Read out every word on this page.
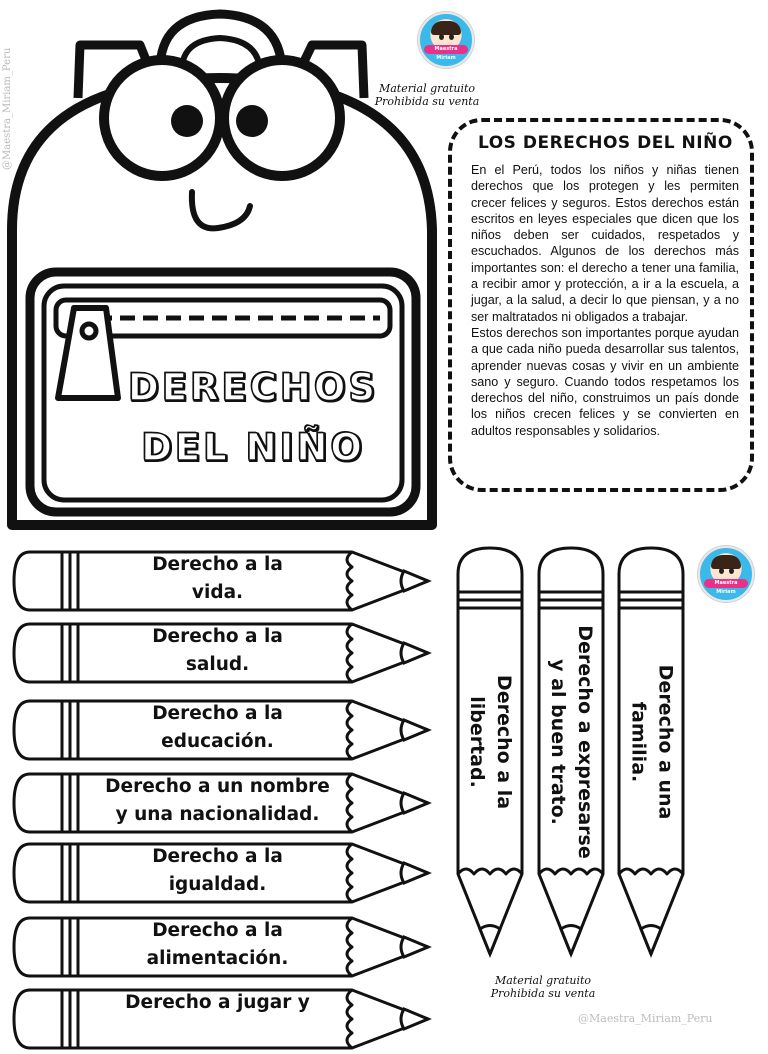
@Maestra_Miriam_Peru
DERECHOS
DEL NIÑO
Maestra Miriam
Material gratuito
Prohibida su venta
LOS DERECHOS DEL NIÑO

En el Perú, todos los niños y niñas tienen derechos que los protegen y les permiten crecer felices y seguros. Estos derechos están escritos en leyes especiales que dicen que los niños deben ser cuidados, respetados y escuchados. Algunos de los derechos más importantes son: el derecho a tener una familia, a recibir amor y protección, a ir a la escuela, a jugar, a la salud, a decir lo que piensan, y a no ser maltratados ni obligados a trabajar.

Estos derechos son importantes porque ayudan a que cada niño pueda desarrollar sus talentos, aprender nuevas cosas y vivir en un ambiente sano y seguro. Cuando todos respetamos los derechos del niño, construimos un país donde los niños crecen felices y se convierten en adultos responsables y solidarios.

Derecho a la
vida.
Derecho a la
salud.
Derecho a la
educación.
Derecho a un nombre
y una nacionalidad.
Derecho a la
igualdad.
Derecho a la
alimentación.
Derecho a jugar y
Derecho a la
libertad.	Derecho a expresarse
y al buen trato.	Derecho a una
familia.
Maestra Miriam
Material gratuito
Prohibida su venta
@Maestra_Miriam_Peru
